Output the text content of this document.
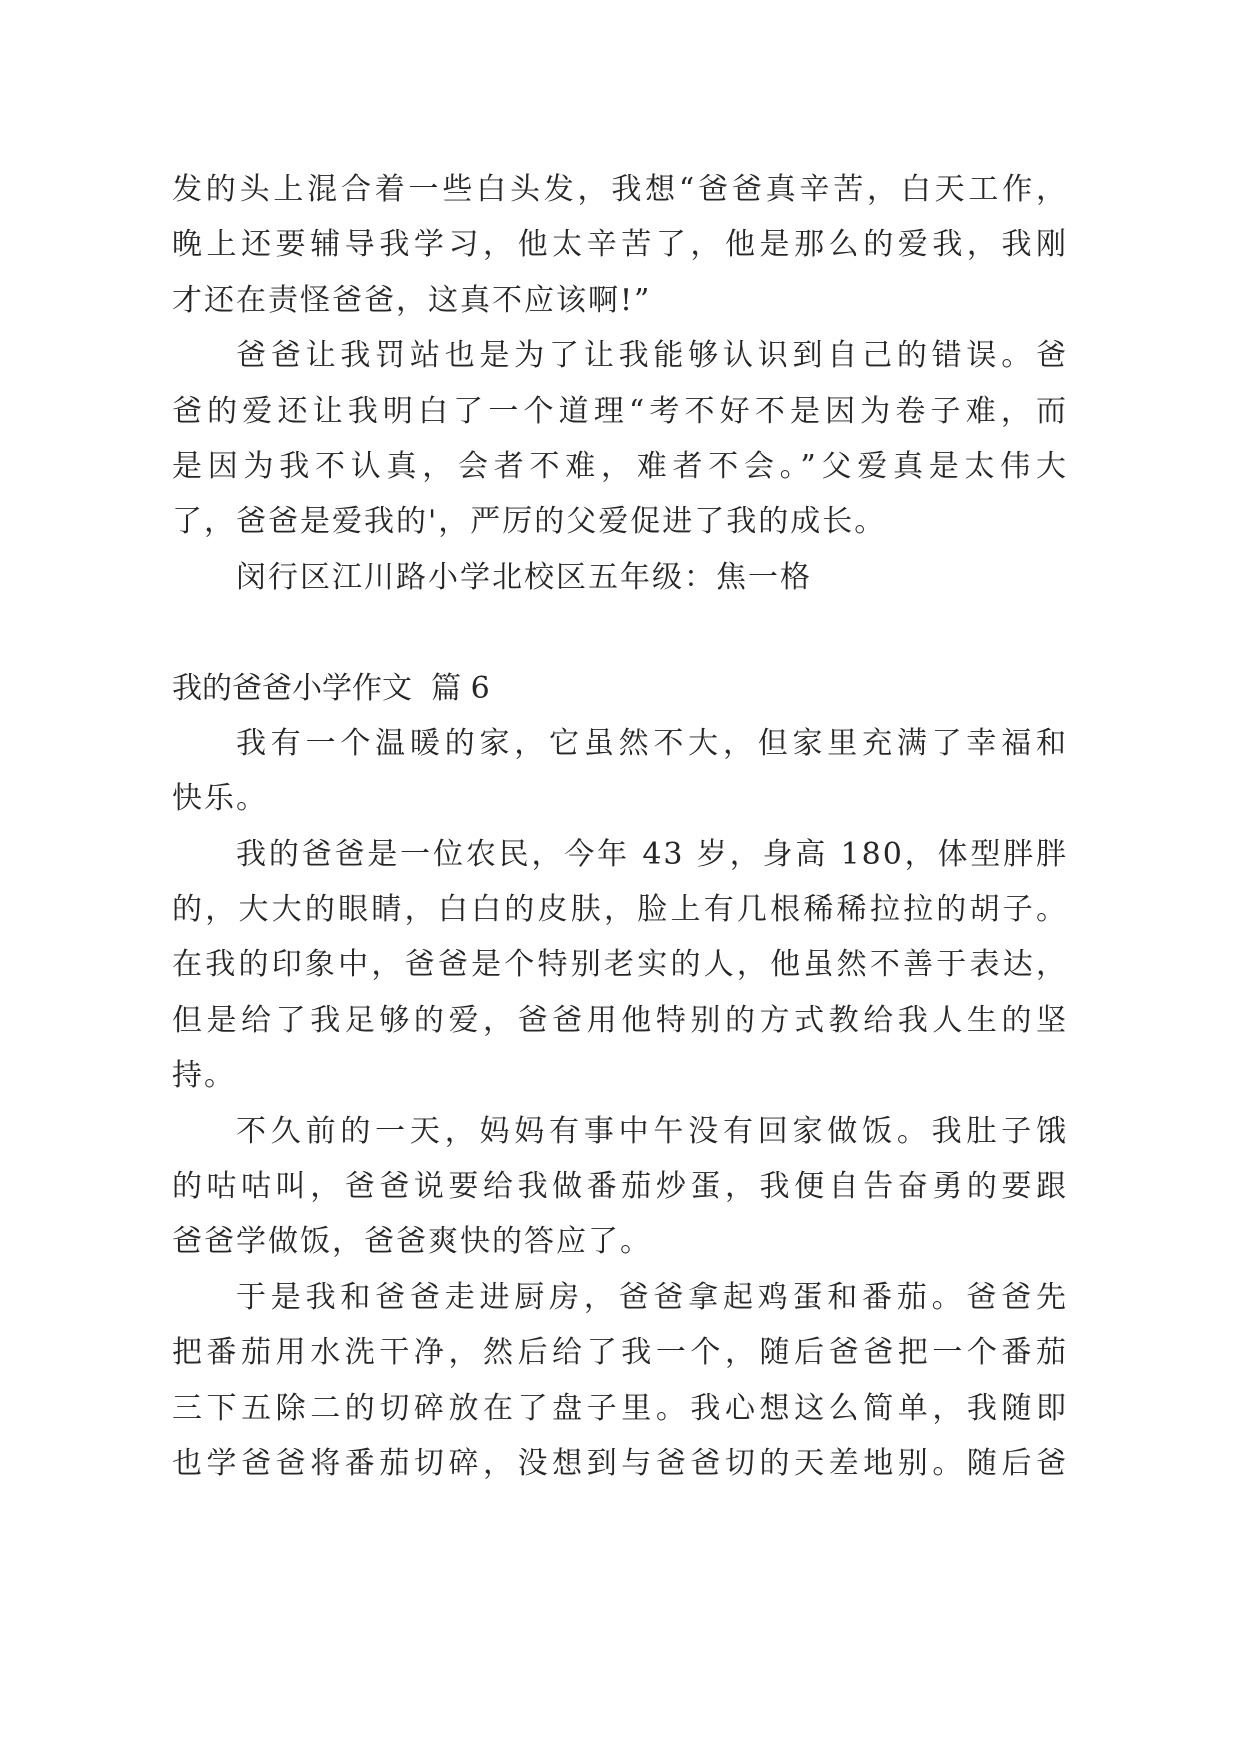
发的头上混合着一些白头发，我想“爸爸真辛苦，白天工作，
晚上还要辅导我学习，他太辛苦了，他是那么的爱我，我刚
才还在责怪爸爸，这真不应该啊!”
爸爸让我罚站也是为了让我能够认识到自己的错误。爸
爸的爱还让我明白了一个道理“考不好不是因为卷子难，而
是因为我不认真，会者不难，难者不会。”父爱真是太伟大
了，爸爸是爱我的'，严厉的父爱促进了我的成长。
闵行区江川路小学北校区五年级：焦一格
我的爸爸小学作文  篇 6
我有一个温暖的家，它虽然不大，但家里充满了幸福和
快乐。
我的爸爸是一位农民，今年 43 岁，身高 180，体型胖胖
的，大大的眼睛，白白的皮肤，脸上有几根稀稀拉拉的胡子。
在我的印象中，爸爸是个特别老实的人，他虽然不善于表达，
但是给了我足够的爱，爸爸用他特别的方式教给我人生的坚
持。
不久前的一天，妈妈有事中午没有回家做饭。我肚子饿
的咕咕叫，爸爸说要给我做番茄炒蛋，我便自告奋勇的要跟
爸爸学做饭，爸爸爽快的答应了。
于是我和爸爸走进厨房，爸爸拿起鸡蛋和番茄。爸爸先
把番茄用水洗干净，然后给了我一个，随后爸爸把一个番茄
三下五除二的切碎放在了盘子里。我心想这么简单，我随即
也学爸爸将番茄切碎，没想到与爸爸切的天差地别。随后爸
